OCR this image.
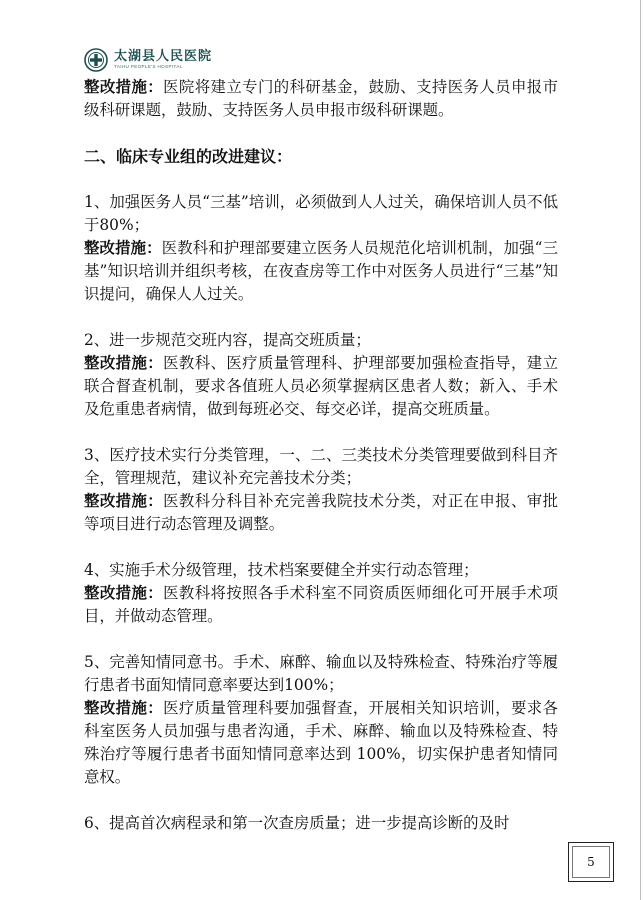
太湖县人民医院
TAIHU PEOPLE'S HOSPITAL

整改措施：医院将建立专门的科研基金，鼓励、支持医务人员申报市级科研课题，鼓励、支持医务人员申报市级科研课题。

二、临床专业组的改进建议：

1、加强医务人员“三基”培训，必须做到人人过关，确保培训人员不低于80%；

整改措施：医教科和护理部要建立医务人员规范化培训机制，加强“三基”知识培训并组织考核，在夜查房等工作中对医务人员进行“三基”知识提问，确保人人过关。

2、进一步规范交班内容，提高交班质量；

整改措施：医教科、医疗质量管理科、护理部要加强检查指导，建立联合督查机制，要求各值班人员必须掌握病区患者人数；新入、手术及危重患者病情，做到每班必交、每交必详，提高交班质量。

3、医疗技术实行分类管理，一、二、三类技术分类管理要做到科目齐全，管理规范，建议补充完善技术分类；

整改措施：医教科分科目补充完善我院技术分类，对正在申报、审批等项目进行动态管理及调整。

4、实施手术分级管理，技术档案要健全并实行动态管理；

整改措施：医教科将按照各手术科室不同资质医师细化可开展手术项目，并做动态管理。

5、完善知情同意书。手术、麻醉、输血以及特殊检查、特殊治疗等履行患者书面知情同意率要达到100%；

整改措施：医疗质量管理科要加强督查，开展相关知识培训，要求各科室医务人员加强与患者沟通，手术、麻醉、输血以及特殊检查、特殊治疗等履行患者书面知情同意率达到 100%，切实保护患者知情同意权。

6、提高首次病程录和第一次查房质量；进一步提高诊断的及时

5
